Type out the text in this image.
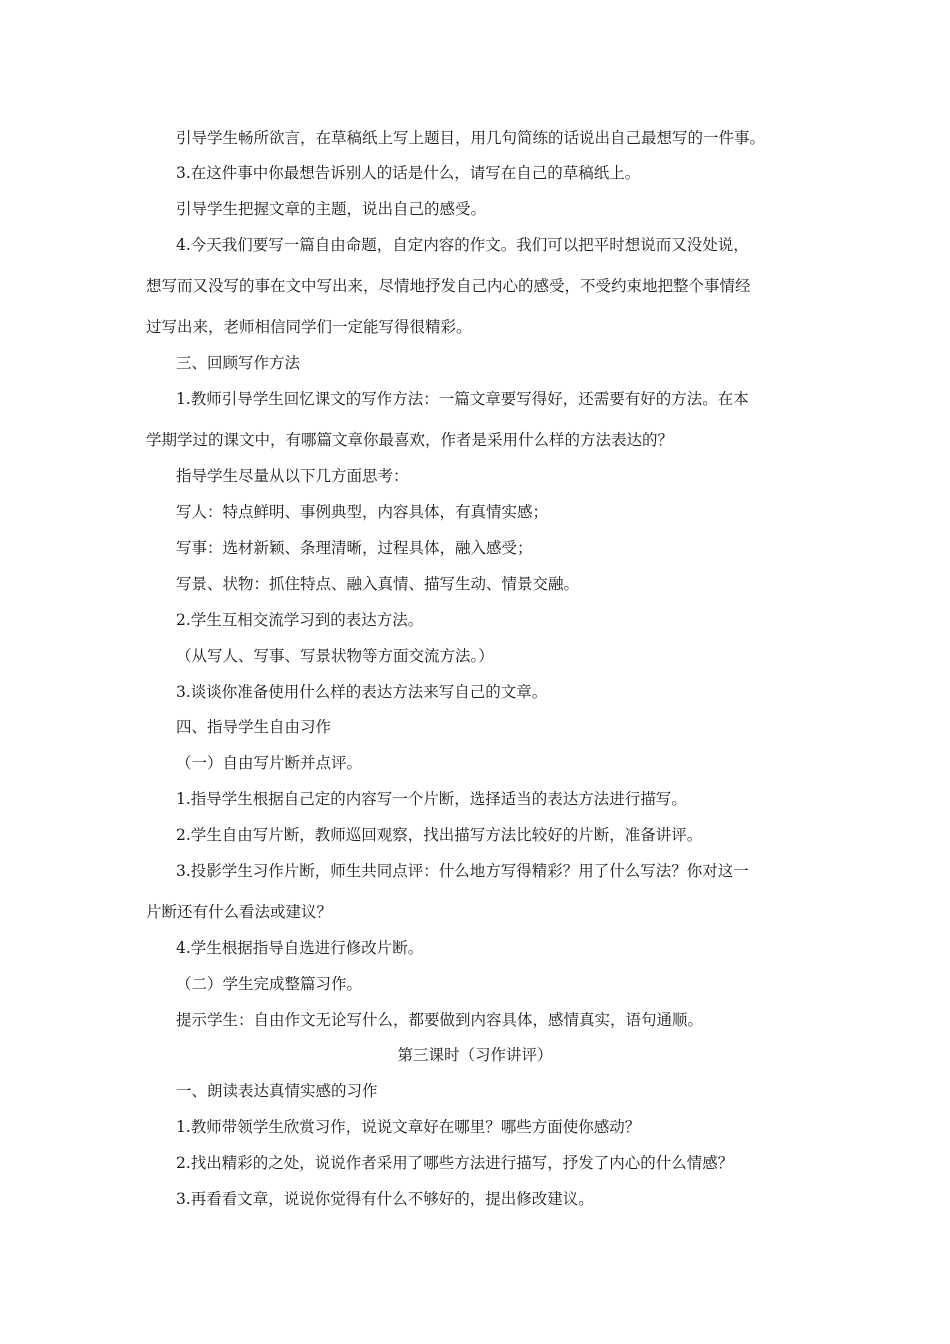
引导学生畅所欲言，在草稿纸上写上题目，用几句简练的话说出自己最想写的一件事。
3.在这件事中你最想告诉别人的话是什么，请写在自己的草稿纸上。
引导学生把握文章的主题，说出自己的感受。
4.今天我们要写一篇自由命题，自定内容的作文。我们可以把平时想说而又没处说，
想写而又没写的事在文中写出来，尽情地抒发自己内心的感受，不受约束地把整个事情经
过写出来，老师相信同学们一定能写得很精彩。
三、回顾写作方法
1.教师引导学生回忆课文的写作方法：一篇文章要写得好，还需要有好的方法。在本
学期学过的课文中，有哪篇文章你最喜欢，作者是采用什么样的方法表达的？
指导学生尽量从以下几方面思考：
写人：特点鲜明、事例典型，内容具体，有真情实感；
写事：选材新颖、条理清晰，过程具体，融入感受；
写景、状物：抓住特点、融入真情、描写生动、情景交融。
2.学生互相交流学习到的表达方法。
（从写人、写事、写景状物等方面交流方法。）
3.谈谈你准备使用什么样的表达方法来写自己的文章。
四、指导学生自由习作
（一）自由写片断并点评。
1.指导学生根据自己定的内容写一个片断，选择适当的表达方法进行描写。
2.学生自由写片断，教师巡回观察，找出描写方法比较好的片断，准备讲评。
3.投影学生习作片断，师生共同点评：什么地方写得精彩？用了什么写法？你对这一
片断还有什么看法或建议？
4.学生根据指导自选进行修改片断。
（二）学生完成整篇习作。
提示学生：自由作文无论写什么，都要做到内容具体，感情真实，语句通顺。
第三课时（习作讲评）
一、朗读表达真情实感的习作
1.教师带领学生欣赏习作，说说文章好在哪里？哪些方面使你感动？
2.找出精彩的之处，说说作者采用了哪些方法进行描写，抒发了内心的什么情感？
3.再看看文章，说说你觉得有什么不够好的，提出修改建议。
